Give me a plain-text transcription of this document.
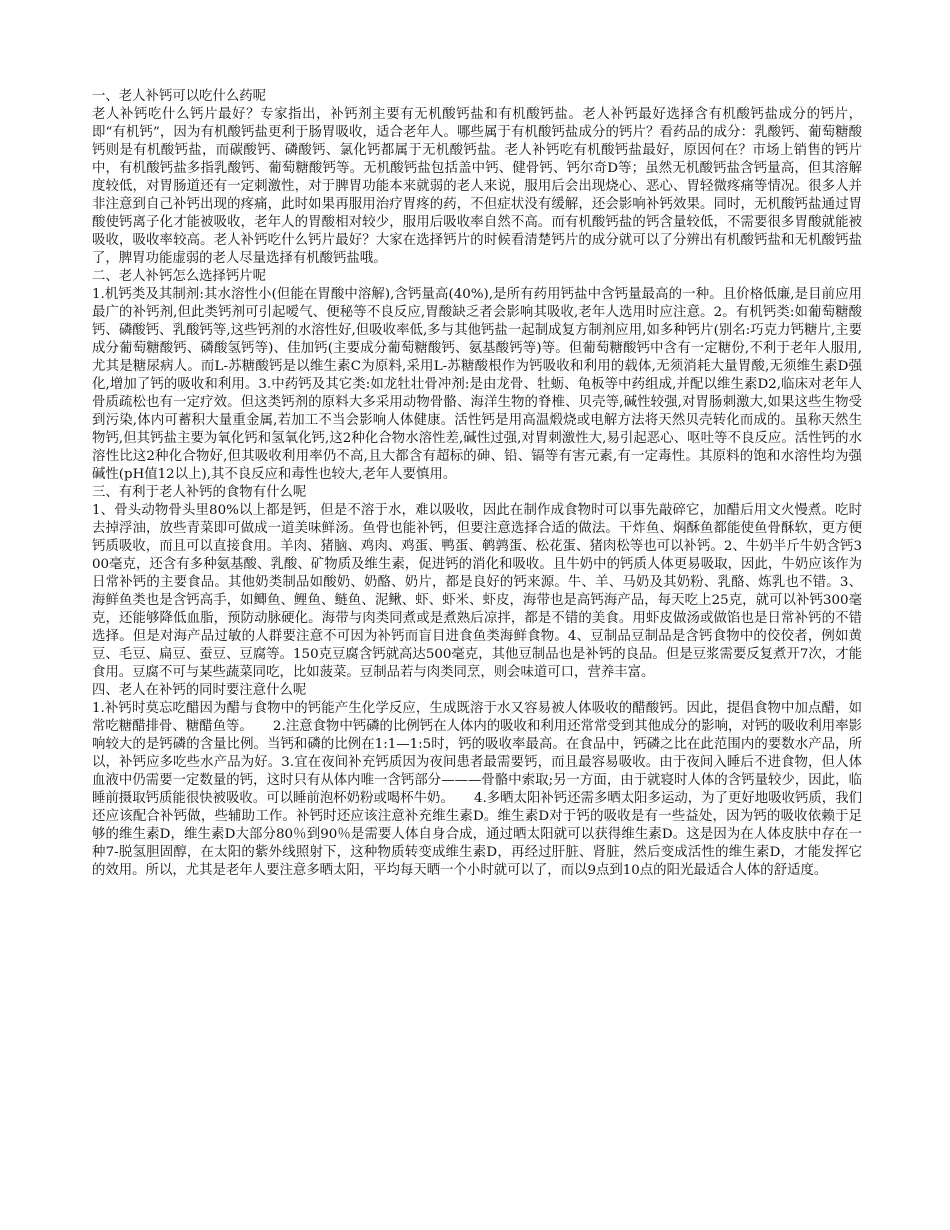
一、老人补钙可以吃什么药呢

老人补钙吃什么钙片最好？专家指出，补钙剂主要有无机酸钙盐和有机酸钙盐。老人补钙最好选择含有机酸钙盐成分的钙片，即“有机钙”，因为有机酸钙盐更利于肠胃吸收，适合老年人。哪些属于有机酸钙盐成分的钙片？看药品的成分：乳酸钙、葡萄糖酸钙则是有机酸钙盐，而碳酸钙、磷酸钙、氯化钙都属于无机酸钙盐。老人补钙吃有机酸钙盐最好，原因何在？市场上销售的钙片中，有机酸钙盐多指乳酸钙、葡萄糖酸钙等。无机酸钙盐包括盖中钙、健骨钙、钙尔奇D等；虽然无机酸钙盐含钙量高，但其溶解度较低，对胃肠道还有一定刺激性，对于脾胃功能本来就弱的老人来说，服用后会出现烧心、恶心、胃轻微疼痛等情况。很多人并非注意到自己补钙出现的疼痛，此时如果再服用治疗胃疼的药，不但症状没有缓解，还会影响补钙效果。同时，无机酸钙盐通过胃酸使钙离子化才能被吸收，老年人的胃酸相对较少，服用后吸收率自然不高。而有机酸钙盐的钙含量较低，不需要很多胃酸就能被吸收，吸收率较高。老人补钙吃什么钙片最好？大家在选择钙片的时候看清楚钙片的成分就可以了分辨出有机酸钙盐和无机酸钙盐了，脾胃功能虚弱的老人尽量选择有机酸钙盐哦。

二、老人补钙怎么选择钙片呢

1.机钙类及其制剂:其水溶性小(但能在胃酸中溶解),含钙量高(40%),是所有药用钙盐中含钙量最高的一种。且价格低廉,是目前应用最广的补钙剂,但此类钙剂可引起嗳气、便秘等不良反应,胃酸缺乏者会影响其吸收,老年人选用时应注意。2。有机钙类:如葡萄糖酸钙、磷酸钙、乳酸钙等,这些钙剂的水溶性好,但吸收率低,多与其他钙盐一起制成复方制剂应用,如多种钙片(别名:巧克力钙糖片,主要成分葡萄糖酸钙、磷酸氢钙等)、佳加钙(主要成分葡萄糖酸钙、氨基酸钙等)等。但葡萄糖酸钙中含有一定糖份,不利于老年人服用,尤其是糖尿病人。而L-苏糖酸钙是以维生素C为原料,采用L-苏糖酸根作为钙吸收和利用的载体,无须消耗大量胃酸,无须维生素D强化,增加了钙的吸收和利用。3.中药钙及其它类:如龙牡壮骨冲剂:是由龙骨、牡蛎、龟板等中药组成,并配以维生素D2,临床对老年人骨质疏松也有一定疗效。但这类钙剂的原料大多采用动物骨骼、海洋生物的脊椎、贝壳等,碱性较强,对胃肠刺激大,如果这些生物受到污染,体内可蓄积大量重金属,若加工不当会影响人体健康。活性钙是用高温煅烧或电解方法将天然贝壳转化而成的。虽称天然生物钙,但其钙盐主要为氧化钙和氢氧化钙,这2种化合物水溶性差,碱性过强,对胃刺激性大,易引起恶心、呕吐等不良反应。活性钙的水溶性比这2种化合物好,但其吸收利用率仍不高,且大都含有超标的砷、铅、镉等有害元素,有一定毒性。其原料的饱和水溶性均为强碱性(pH值12以上),其不良反应和毒性也较大,老年人要慎用。

三、有利于老人补钙的食物有什么呢

1、骨头动物骨头里80%以上都是钙，但是不溶于水，难以吸收，因此在制作成食物时可以事先敲碎它，加醋后用文火慢煮。吃时去掉浮油，放些青菜即可做成一道美味鲜汤。鱼骨也能补钙，但要注意选择合适的做法。干炸鱼、焖酥鱼都能使鱼骨酥软，更方便钙质吸收，而且可以直接食用。羊肉、猪脑、鸡肉、鸡蛋、鸭蛋、鹌鹑蛋、松花蛋、猪肉松等也可以补钙。2、牛奶半斤牛奶含钙300毫克，还含有多种氨基酸、乳酸、矿物质及维生素，促进钙的消化和吸收。且牛奶中的钙质人体更易吸取，因此，牛奶应该作为日常补钙的主要食品。其他奶类制品如酸奶、奶酪、奶片，都是良好的钙来源。牛、羊、马奶及其奶粉、乳酪、炼乳也不错。3、海鲜鱼类也是含钙高手，如鲫鱼、鲤鱼、鲢鱼、泥鳅、虾、虾米、虾皮，海带也是高钙海产品，每天吃上25克，就可以补钙300毫克，还能够降低血脂，预防动脉硬化。海带与肉类同煮或是煮熟后凉拌，都是不错的美食。用虾皮做汤或做馅也是日常补钙的不错选择。但是对海产品过敏的人群要注意不可因为补钙而盲目进食鱼类海鲜食物。4、豆制品豆制品是含钙食物中的佼佼者，例如黄豆、毛豆、扁豆、蚕豆、豆腐等。150克豆腐含钙就高达500毫克，其他豆制品也是补钙的良品。但是豆浆需要反复煮开7次，才能食用。豆腐不可与某些蔬菜同吃，比如菠菜。豆制品若与肉类同烹，则会味道可口，营养丰富。

四、老人在补钙的同时要注意什么呢

1.补钙时莫忘吃醋因为醋与食物中的钙能产生化学反应，生成既溶于水又容易被人体吸收的醋酸钙。因此，提倡食物中加点醋，如常吃糖醋排骨、糖醋鱼等。　　2.注意食物中钙磷的比例钙在人体内的吸收和利用还常常受到其他成分的影响，对钙的吸收利用率影响较大的是钙磷的含量比例。当钙和磷的比例在1:1—1:5时，钙的吸收率最高。在食品中，钙磷之比在此范围内的要数水产品，所以，补钙应多吃些水产品为好。3.宜在夜间补充钙质因为夜间患者最需要钙，而且最容易吸收。由于夜间入睡后不进食物，但人体血液中仍需要一定数量的钙，这时只有从体内唯一含钙部分———骨骼中索取;另一方面，由于就寝时人体的含钙量较少，因此，临睡前摄取钙质能很快被吸收。可以睡前泡杯奶粉或喝杯牛奶。　　4.多晒太阳补钙还需多晒太阳多运动，为了更好地吸收钙质，我们还应该配合补钙做，些辅助工作。补钙时还应该注意补充维生素D。维生素D对于钙的吸收是有一些益处，因为钙的吸收依赖于足够的维生素D，维生素D大部分80％到90％是需要人体自身合成，通过晒太阳就可以获得维生素D。这是因为在人体皮肤中存在一种7-脱氢胆固醇，在太阳的紫外线照射下，这种物质转变成维生素D，再经过肝脏、肾脏，然后变成活性的维生素D，才能发挥它的效用。所以，尤其是老年人要注意多晒太阳，平均每天晒一个小时就可以了，而以9点到10点的阳光最适合人体的舒适度。
